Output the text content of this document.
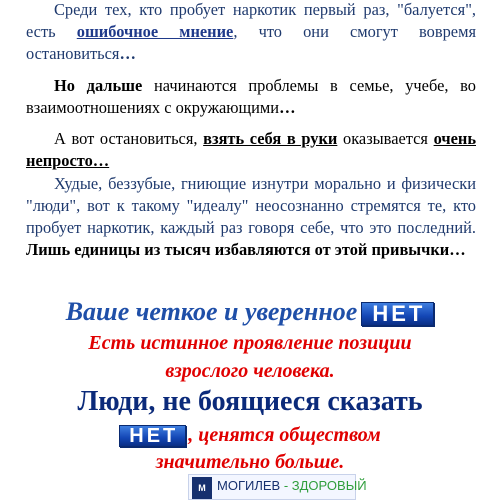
Среди тех, кто пробует наркотик первый раз, "балуется", есть ошибочное мнение, что они смогут вовремя остановиться…

Но дальше начинаются проблемы в семье, учебе, во взаимоотношениях с окружающими…

А вот остановиться, взять себя в руки оказывается очень непросто…

Худые, беззубые, гниющие изнутри морально и физически "люди", вот к такому "идеалу" неосознанно стремятся те, кто пробует наркотик, каждый раз говоря себе, что это последний. Лишь единицы из тысяч избавляются от этой привычки…

Ваше четкое и уверенное НЕТ
Есть истинное проявление позиции
взрослого человека.
Люди, не боящиеся сказать
НЕТ , ценятся обществом
значительно больше.
М МОГИЛЕВ - ЗДОРОВЫЙ
